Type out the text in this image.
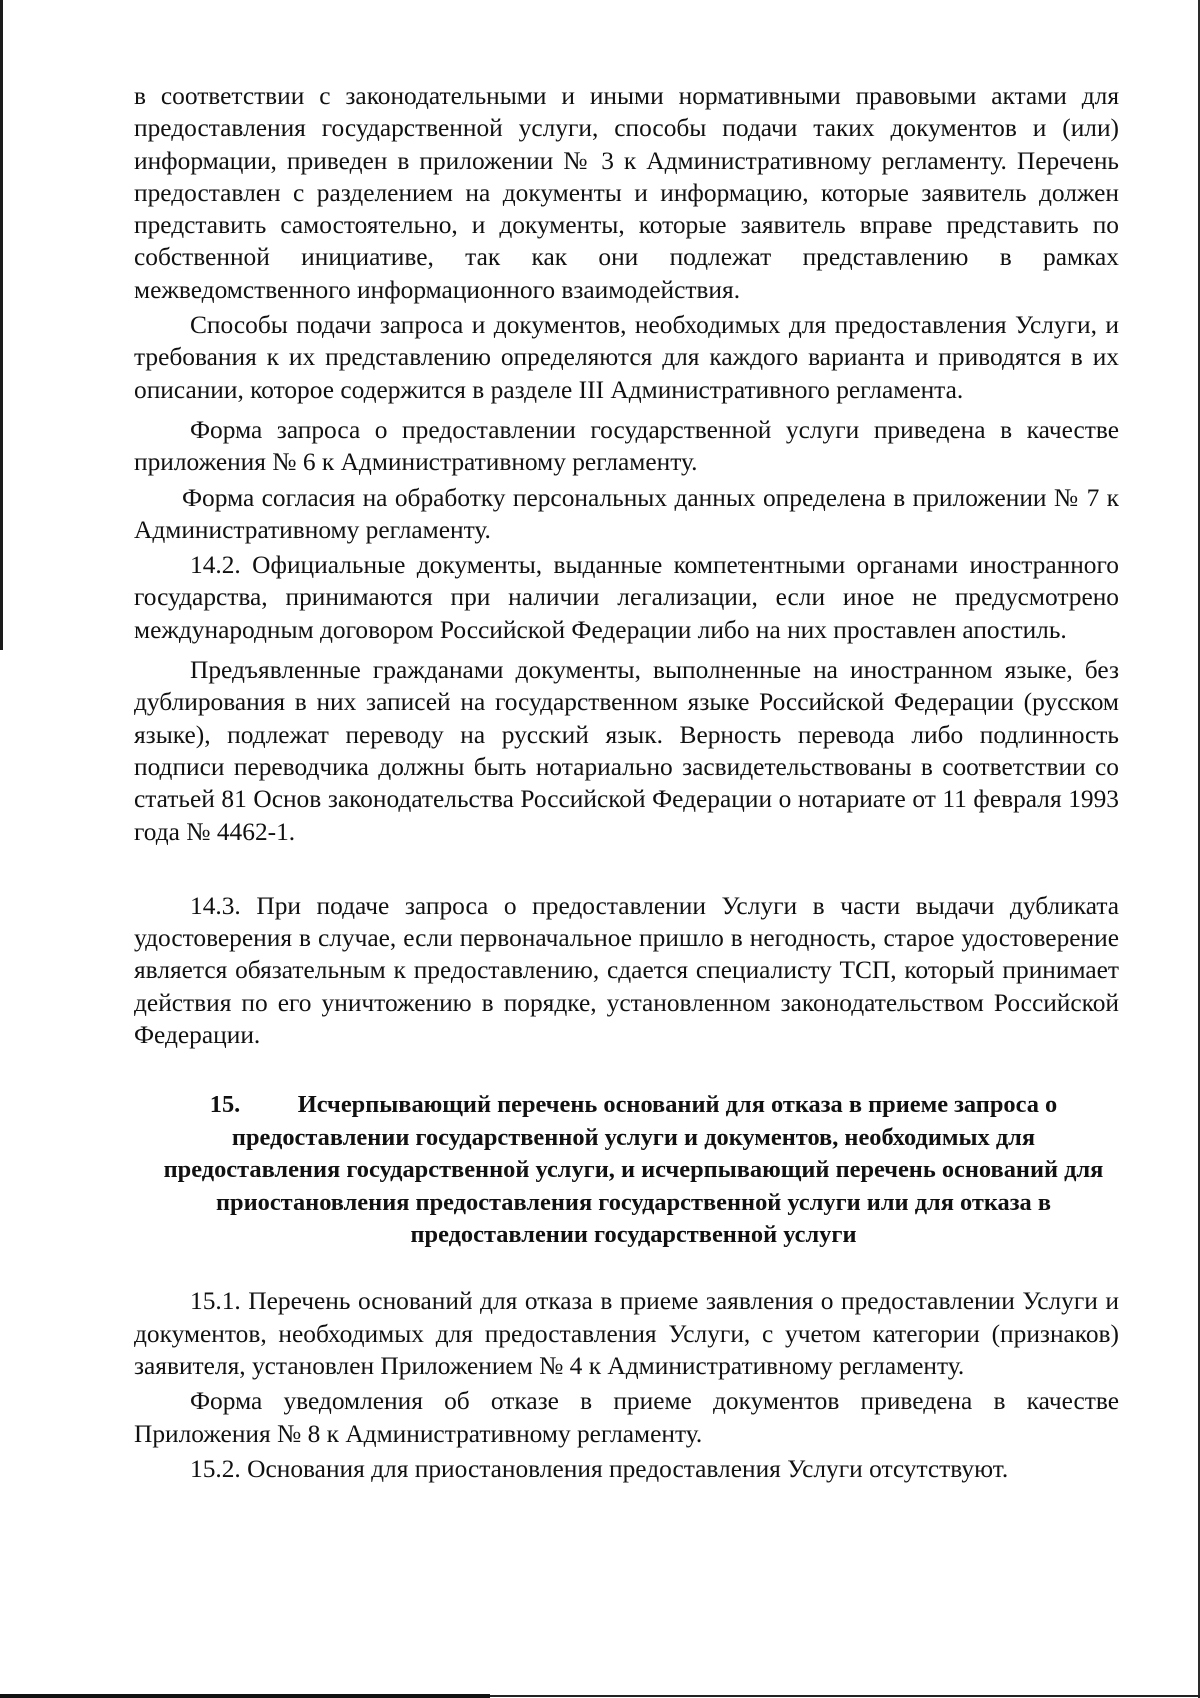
в соответствии с законодательными и иными нормативными правовыми актами для предоставления государственной услуги, способы подачи таких документов и (или) информации, приведен в приложении № 3 к Административному регламенту. Перечень предоставлен с разделением на документы и информацию, которые заявитель должен представить самостоятельно, и документы, которые заявитель вправе представить по собственной инициативе, так как они подлежат представлению в рамках межведомственного информационного взаимодействия.

Способы подачи запроса и документов, необходимых для предоставления Услуги, и требования к их представлению определяются для каждого варианта и приводятся в их описании, которое содержится в разделе III Административного регламента.

Форма запроса о предоставлении государственной услуги приведена в качестве приложения № 6 к Административному регламенту.

Форма согласия на обработку персональных данных определена в приложении № 7 к Административному регламенту.

14.2. Официальные документы, выданные компетентными органами иностранного государства, принимаются при наличии легализации, если иное не предусмотрено международным договором Российской Федерации либо на них проставлен апостиль.

Предъявленные гражданами документы, выполненные на иностранном языке, без дублирования в них записей на государственном языке Российской Федерации (русском языке), подлежат переводу на русский язык. Верность перевода либо подлинность подписи переводчика должны быть нотариально засвидетельствованы в соответствии со статьей 81 Основ законодательства Российской Федерации о нотариате от 11 февраля 1993 года № 4462-1.

14.3. При подаче запроса о предоставлении Услуги в части выдачи дубликата удостоверения в случае, если первоначальное пришло в негодность, старое удостоверение является обязательным к предоставлению, сдается специалисту ТСП, который принимает действия по его уничтожению в порядке, установленном законодательством Российской Федерации.

15. Исчерпывающий перечень оснований для отказа в приеме запроса о предоставлении государственной услуги и документов, необходимых для предоставления государственной услуги, и исчерпывающий перечень оснований для приостановления предоставления государственной услуги или для отказа в предоставлении государственной услуги

15.1. Перечень оснований для отказа в приеме заявления о предоставлении Услуги и документов, необходимых для предоставления Услуги, с учетом категории (признаков) заявителя, установлен Приложением № 4 к Административному регламенту.

Форма уведомления об отказе в приеме документов приведена в качестве Приложения № 8 к Административному регламенту.

15.2. Основания для приостановления предоставления Услуги отсутствуют.
